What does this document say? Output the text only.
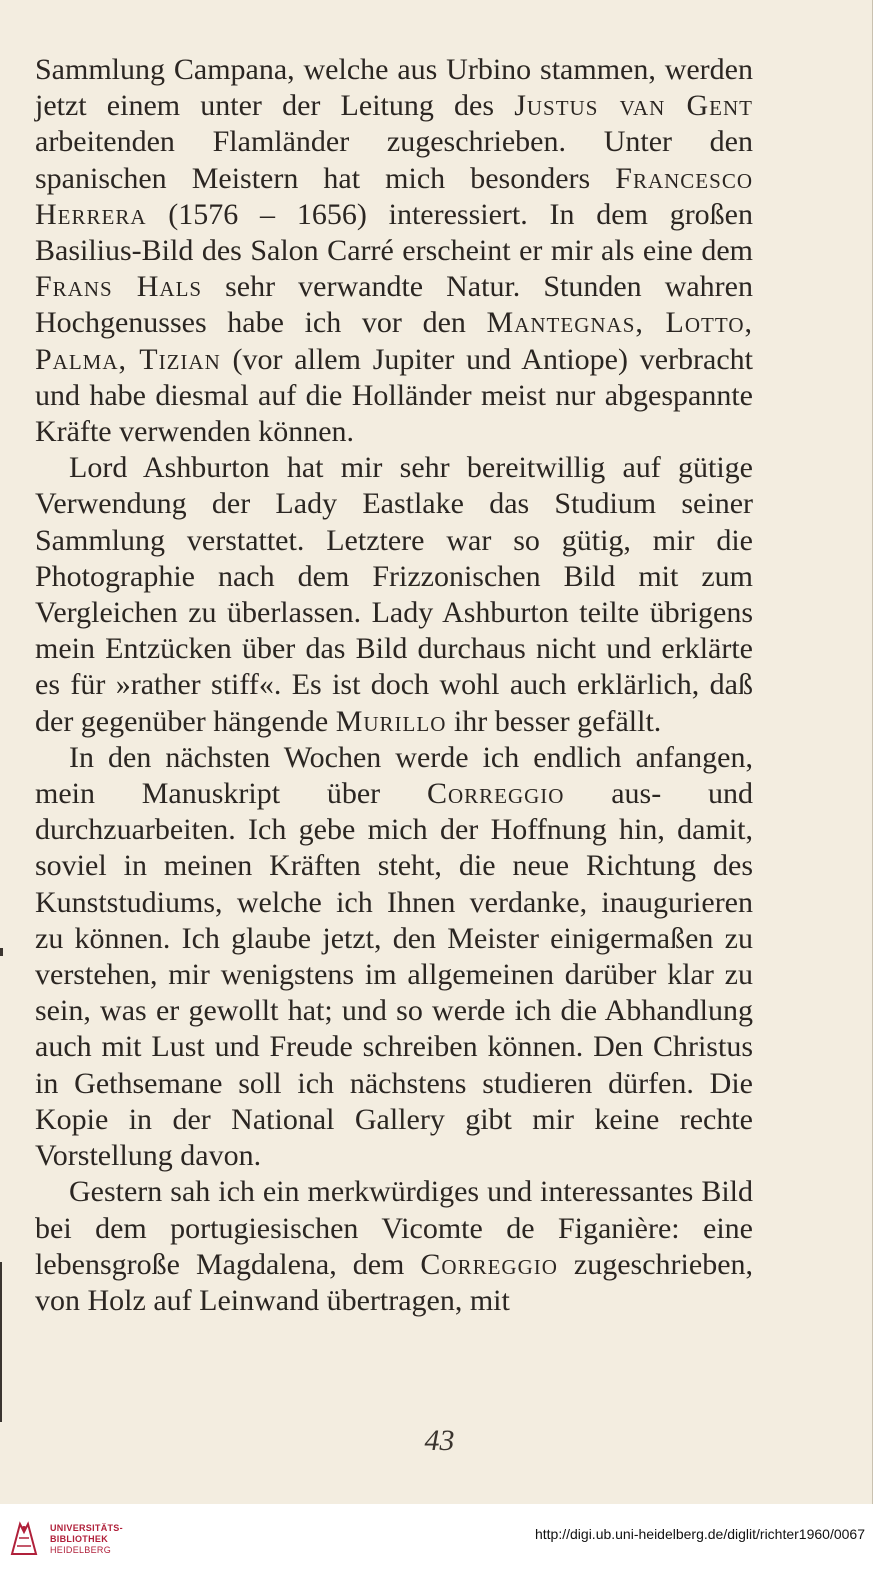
Sammlung Campana, welche aus Urbino stammen, werden jetzt einem unter der Leitung des Justus van Gent arbeitenden Flamländer zugeschrieben. Unter den spanischen Meistern hat mich besonders Francesco Herrera (1576 – 1656) interessiert. In dem großen Basilius-Bild des Salon Carré erscheint er mir als eine dem Frans Hals sehr verwandte Natur. Stunden wahren Hochgenusses habe ich vor den Mantegnas, Lotto, Palma, Tizian (vor allem Jupiter und Antiope) verbracht und habe diesmal auf die Holländer meist nur abgespannte Kräfte verwenden können.

Lord Ashburton hat mir sehr bereitwillig auf gütige Verwendung der Lady Eastlake das Studium seiner Sammlung verstattet. Letztere war so gütig, mir die Photographie nach dem Frizzonischen Bild mit zum Vergleichen zu überlassen. Lady Ashburton teilte übrigens mein Entzücken über das Bild durchaus nicht und erklärte es für »rather stiff«. Es ist doch wohl auch erklärlich, daß der gegenüber hängende Murillo ihr besser gefällt.

In den nächsten Wochen werde ich endlich anfangen, mein Manuskript über Correggio aus- und durchzuarbeiten. Ich gebe mich der Hoffnung hin, damit, soviel in meinen Kräften steht, die neue Richtung des Kunststudiums, welche ich Ihnen verdanke, inaugurieren zu können. Ich glaube jetzt, den Meister einigermaßen zu verstehen, mir wenigstens im allgemeinen darüber klar zu sein, was er gewollt hat; und so werde ich die Abhandlung auch mit Lust und Freude schreiben können. Den Christus in Gethsemane soll ich nächstens studieren dürfen. Die Kopie in der National Gallery gibt mir keine rechte Vorstellung davon.

Gestern sah ich ein merkwürdiges und interessantes Bild bei dem portugiesischen Vicomte de Figanière: eine lebensgroße Magdalena, dem Correggio zugeschrieben, von Holz auf Leinwand übertragen, mit

43
UNIVERSITÄTS-
BIBLIOTHEK
HEIDELBERG
http://digi.ub.uni-heidelberg.de/diglit/richter1960/0067
